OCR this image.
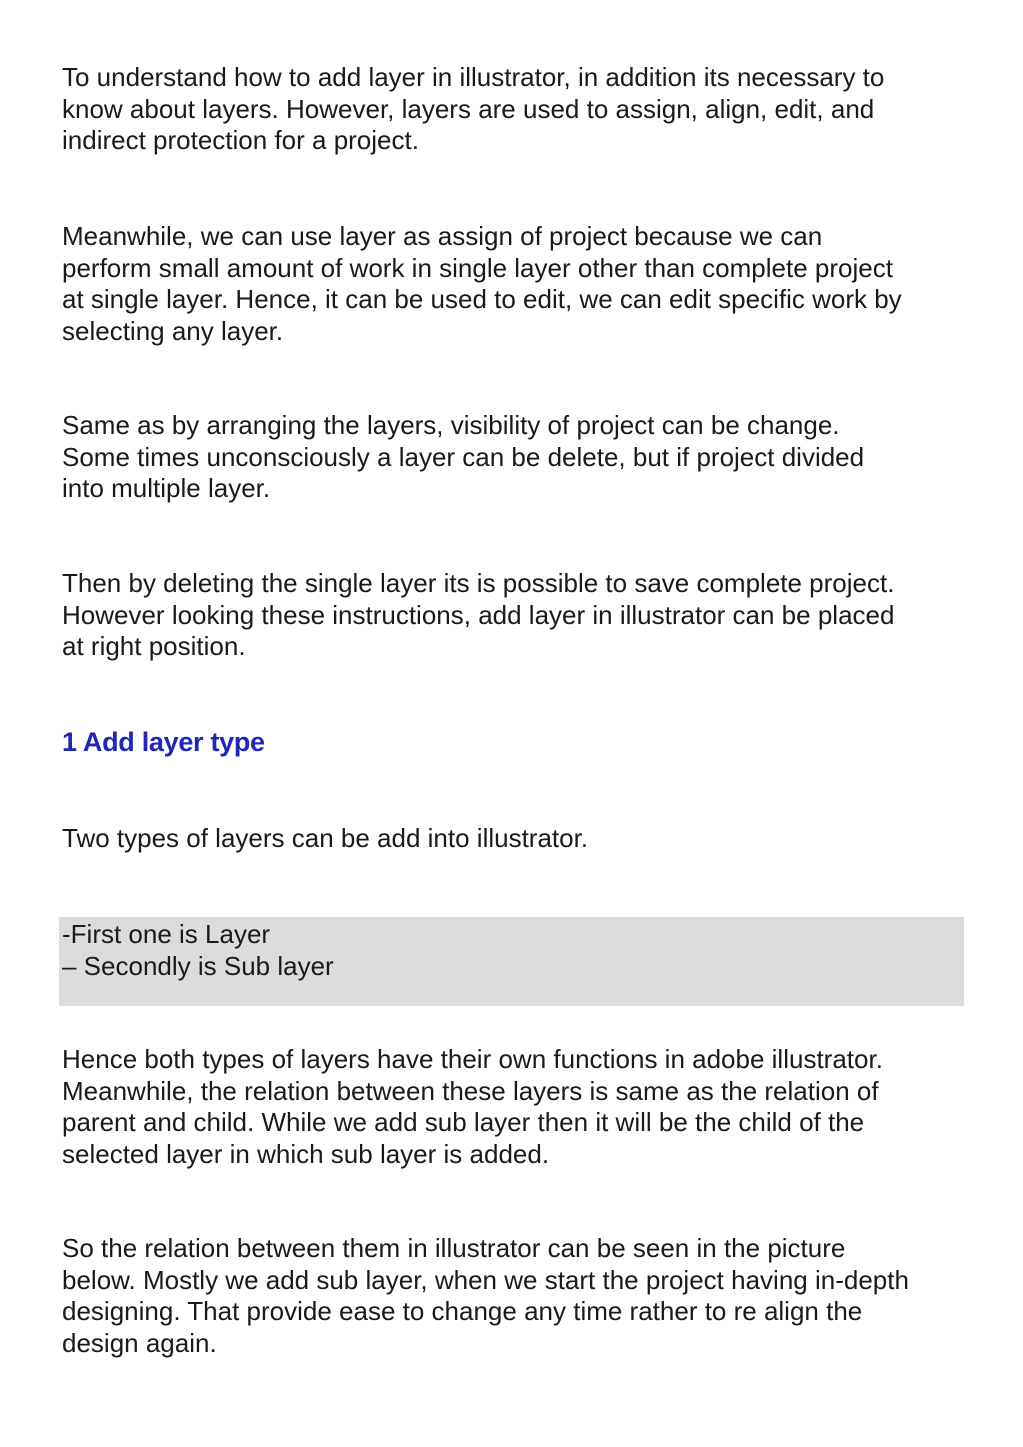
To understand how to add layer in illustrator, in addition its necessary to
know about layers. However, layers are used to assign, align, edit, and
indirect protection for a project.

Meanwhile, we can use layer as assign of project because we can
perform small amount of work in single layer other than complete project
at single layer. Hence, it can be used to edit, we can edit specific work by
selecting any layer.

Same as by arranging the layers, visibility of project can be change.
Some times unconsciously a layer can be delete, but if project divided
into multiple layer.

Then by deleting the single layer its is possible to save complete project.
However looking these instructions, add layer in illustrator can be placed
at right position.

1 Add layer type

Two types of layers can be add into illustrator.

-First one is Layer
– Secondly is Sub layer

Hence both types of layers have their own functions in adobe illustrator.
Meanwhile, the relation between these layers is same as the relation of
parent and child. While we add sub layer then it will be the child of the
selected layer in which sub layer is added.

So the relation between them in illustrator can be seen in the picture
below. Mostly we add sub layer, when we start the project having in-depth
designing. That provide ease to change any time rather to re align the
design again.
